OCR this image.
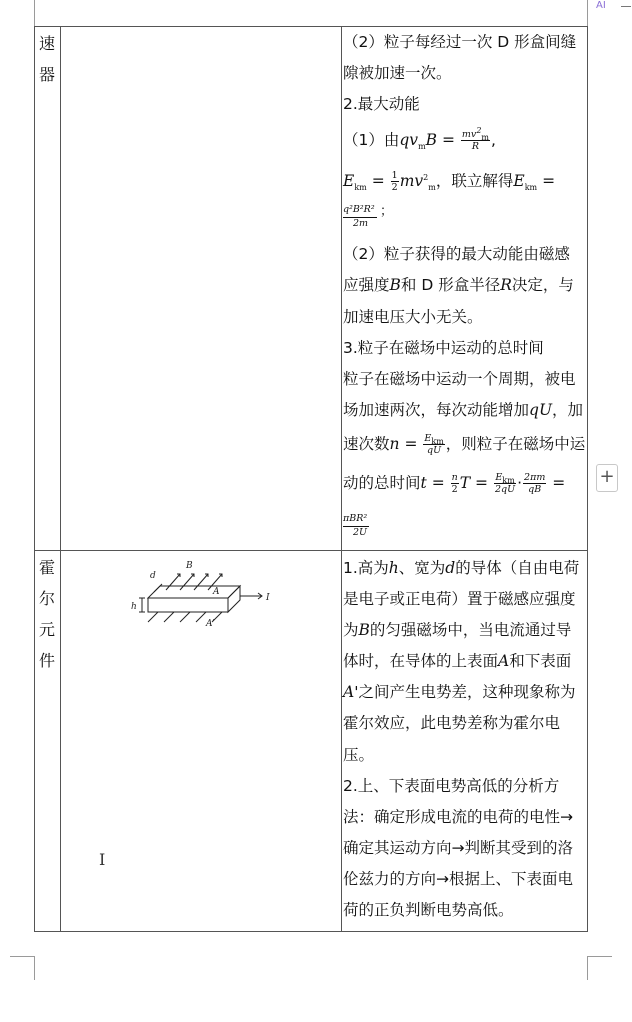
AI
速
器
（2）粒子每经过一次 D 形盒间缝
隙被加速一次。
2.最大动能
（1）由$qv_mB = \frac{mv^2_m}{R}$ ,
$E_{km} = \frac{1}{2} mv^2_m$，联立解得$E_{km}$ =
q²B²R²
2m
；
（2）粒子获得的最大动能由磁感
应强度B和 D 形盒半径R决定，与
加速电压大小无关。
3.粒子在磁场中运动的总时间
粒子在磁场中运动一个周期，被电
场加速两次，每次动能增加qU，加
速次数$n = \frac{E_{km}}{qU}$ ，则粒子在磁场中运
动的总时间$t = \frac{n}{2}$ $T = \frac{E_{km}}{2qU} \cdot \frac{2\pi m}{qB}$ =
πBR²
2U
霍
尔
元
件
d
B
h
A
A′
I
1.高为h、宽为d的导体（自由电荷
是电子或正电荷）置于磁感应强度
为B的匀强磁场中，当电流通过导
体时，在导体的上表面A和下表面
A'之间产生电势差，这种现象称为
霍尔效应，此电势差称为霍尔电
压。
2.上、下表面电势高低的分析方
法：确定形成电流的电荷的电性→
确定其运动方向→判断其受到的洛
伦兹力的方向→根据上、下表面电
荷的正负判断电势高低。
+
I
